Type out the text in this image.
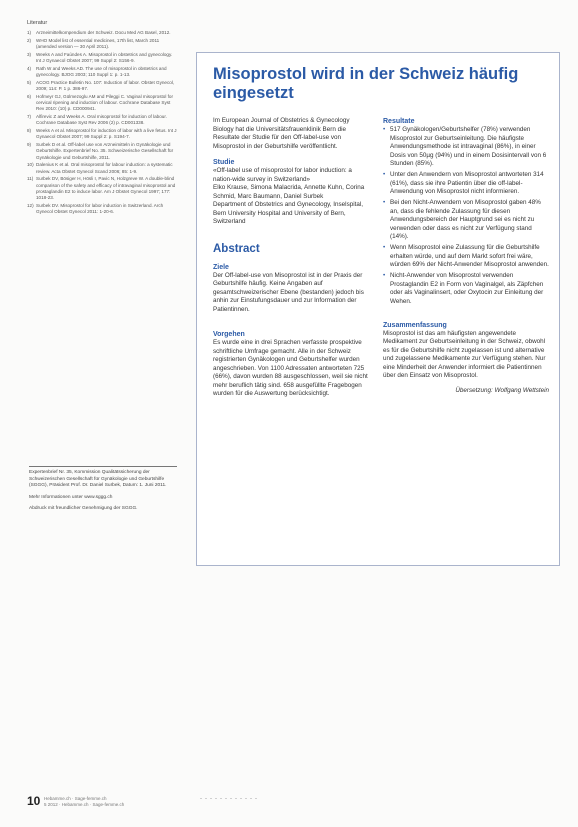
Literatur
1)	Arzneimittelkompendium der Schweiz. Docu Med AG Basel, 2012.
2)	WHO Model list of essential medicines, 17th list, March 2011 (amended version — 30 April 2011).
3)	Weeks A and Faúndes A. Misoprostol in obstetrics and gynecology. Int J Gynaecol Obstet 2007; 99 Suppl 2: S156-9.
4)	Rath W and Weeks AD. The use of misoprostol in obstetrics and gynecology. BJOG 2003; 110 Suppl 1: p. 1-13.
5)	ACOG Practice Bulletin No. 107: Induction of labor. Obstet Gynecol, 2009; 114: P. 1 p. 386-97.
6)	Hofmeyr GJ, Gülmezoglu AM and Pileggi C. Vaginal misoprostol for cervical ripening and induction of labour. Cochrane Database Syst Rev 2010: (10) p. CD000941.
7)	Alfirevic Z and Weeks A. Oral misoprostol for induction of labour. Cochrane Database Syst Rev 2006 (2) p. CD001338.
8)	Weeks A et al. Misoprostol for induction of labor with a live fetus. Int J Gynaecol Obstet 2007; 99 Suppl 2: p. S194-7.
9)	Surbek D et al. Off-label use von Arzneimitteln in Gynäkologie und Geburtshilfe. Expertenbrief No. 35. Schweizerische Gesellschaft für Gynäkologie und Geburtshilfe, 2011.
10) Dalenius K et al. Oral misoprostol for labour induction: a systematic review. Acta Obstet Gynecol Scand 2006; 85: 1-9.
11) Surbek DV, Bösiger H, Hösli I, Pavic N, Holzgreve W. A double-blind comparison of the safety and efficacy of intravaginal misoprostol and prostaglandin E2 to induce labor. Am J Obstet Gynecol 1997; 177: 1018-23.
12) Surbek DV. Misoprostol for labor induction in Switzerland. Arch Gynecol Obstet Gynecol 2011: 1-20-6.

Expertenbrief Nr. 35, Kommission Qualitätssicherung der Schweizerischen Gesellschaft für Gynäkologie und Geburtshilfe (SGGG), Präsident Prof. Dr. Daniel Surbek, Datum: 1. Juni 2011.

Mehr Informationen unter www.sggg.ch

Abdruck mit freundlicher Genehmigung der SGGG.

Misoprostol wird in der Schweiz häufig eingesetzt

Im European Journal of Obstetrics & Gynecology Biology hat die Universitätsfrauenklinik Bern die Resultate der Studie für den Off-label-use von Misoprostol in der Geburtshilfe veröffentlicht.

Studie

«Off-label use of misoprostol for labor induction: a nation-wide survey in Switzerland»

Elko Krause, Simona Malacrida, Annette Kuhn, Corina Schmid, Marc Baumann, Daniel Surbek

Department of Obstetrics and Gynecology, Inselspital, Bern University Hospital and University of Bern, Switzerland

Abstract

Ziele

Der Off-label-use von Misoprostol ist in der Praxis der Geburtshilfe häufig. Keine Angaben auf gesamtschweizerischer Ebene (bestanden) jedoch bis anhin zur Einstufungsdauer und zur Information der Patientinnen.

Vorgehen

Es wurde eine in drei Sprachen verfasste prospektive schriftliche Umfrage gemacht. Alle in der Schweiz registrierten Gynäkologen und Geburtshelfer wurden angeschrieben. Von 1100 Adressaten antworteten 725 (66%), davon wurden 88 ausgeschlossen, weil sie nicht mehr beruflich tätig sind. 658 ausgefüllte Fragebogen wurden für die Auswertung berücksichtigt.

Resultate

• 517 Gynäkologen/Geburtshelfer (78%) verwenden Misoprostol zur Geburtseinleitung. Die häufigste Anwendungsmethode ist intravaginal (86%), in einer Dosis von 50µg (94%) und in einem Dosisintervall von 6 Stunden (85%).
• Unter den Anwendern von Misoprostol antworteten 314 (61%), dass sie ihre Patientin über die off-label-Anwendung von Misoprostol nicht informieren.
• Bei den Nicht-Anwendern von Misoprostol gaben 48% an, dass die fehlende Zulassung für diesen Anwendungsbereich der Hauptgrund sei es nicht zu verwenden oder dass es nicht zur Verfügung stand (14%).
• Wenn Misoprostol eine Zulassung für die Geburtshilfe erhalten würde, und auf dem Markt sofort frei wäre, würden 69% der Nicht-Anwender Misoprostol anwenden.
• Nicht-Anwender von Misoprostol verwenden Prostaglandin E2 in Form von Vaginalgel, als Zäpfchen oder als Vaginalinsert, oder Oxytocin zur Einleitung der Wehen.

Zusammenfassung

Misoprostol ist das am häufigsten angewendete Medikament zur Geburtseinleitung in der Schweiz, obwohl es für die Geburtshilfe nicht zugelassen ist und alternative und zugelassene Medikamente zur Verfügung stehen. Nur eine Minderheit der Anwender informiert die Patientinnen über den Einsatz von Misoprostol.

Übersetzung: Wolfgang Wettstein

10 Hebamme.ch · Sage-femme.ch
5 2012 · Hebamme.ch · Sage-femme.ch
